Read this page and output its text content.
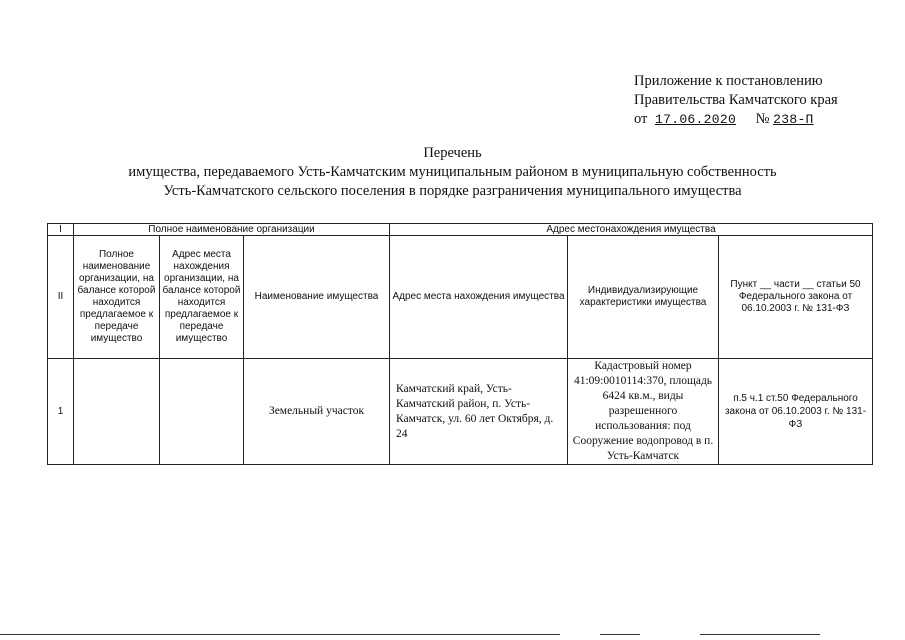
Приложение к постановлению
Правительства Камчатского края
от 17.06.2020 № 238-П
Перечень
имущества, передаваемого Усть-Камчатским муниципальным районом в муниципальную собственность
Усть-Камчатского сельского поселения в порядке разграничения муниципального имущества
I	Полное наименование организации			Адрес местонахождения имущества		
II	Полное наименование организации, на балансе которой находится предлагаемое к передаче имущество	Адрес места нахождения организации, на балансе которой находится предлагаемое к передаче имущество	Наименование имущества	Адрес места нахождения имущества	Индивидуализирующие характеристики имущества	Пункт __ части __ статьи 50 Федерального закона от 06.10.2003 г. № 131-ФЗ
1			Земельный участок	Камчатский край, Усть-Камчатский район, п. Усть-Камчатск, ул. 60 лет Октября, д. 24	Кадастровый номер 41:09:0010114:370, площадь 6424 кв.м., виды разрешенного использования: под Сооружение водопровод в п. Усть-Камчатск	п.5 ч.1 ст.50 Федерального закона от 06.10.2003 г. № 131-ФЗ
